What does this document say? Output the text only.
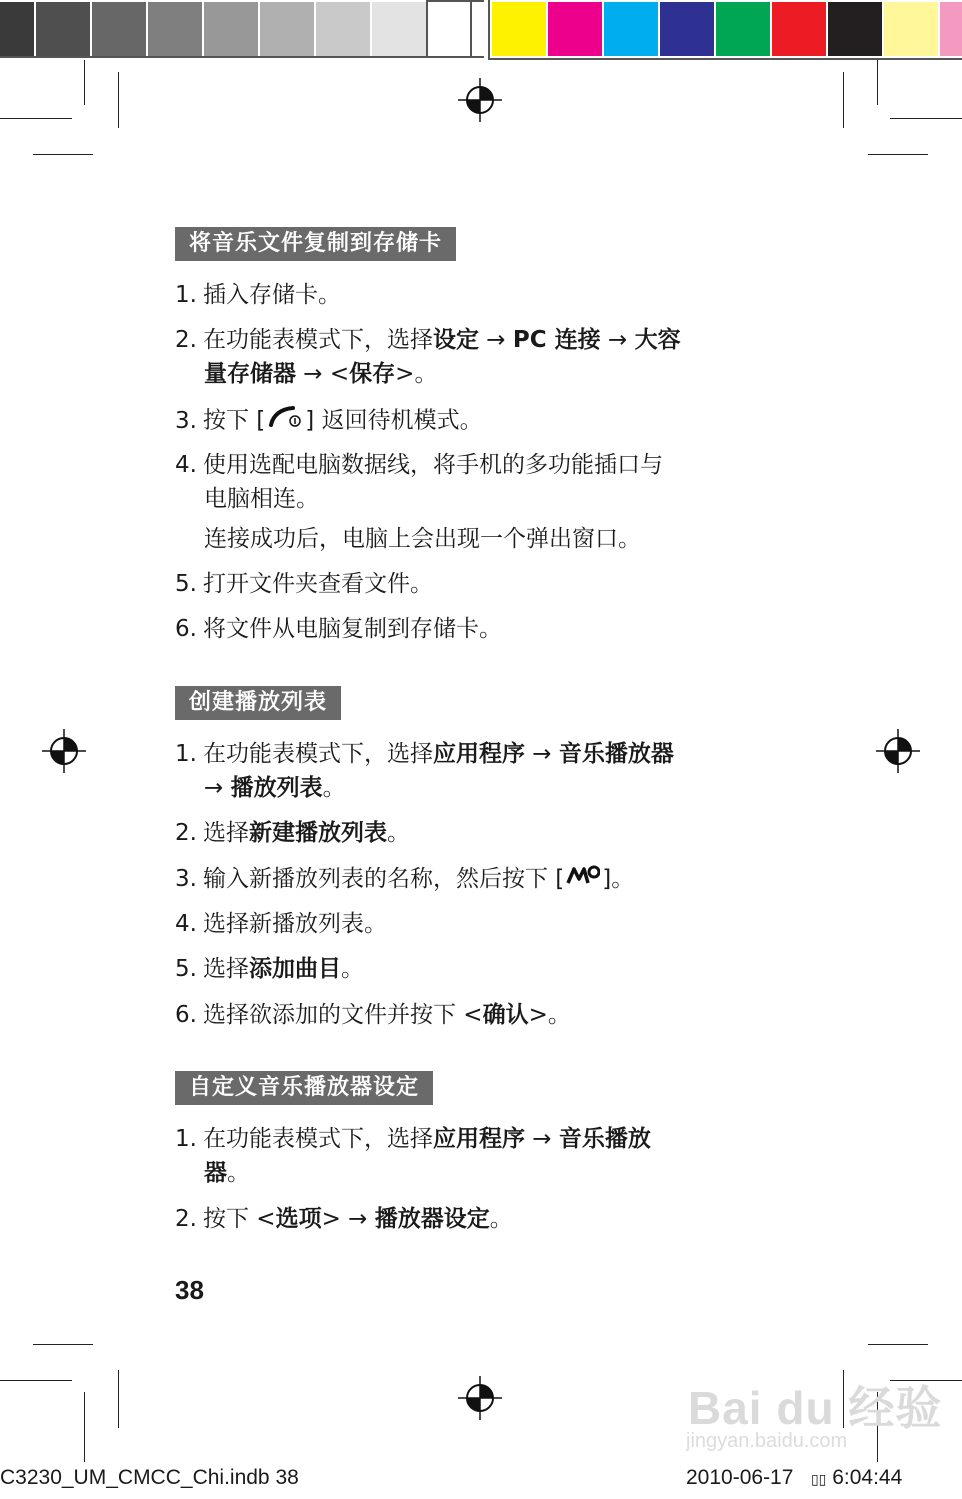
将音乐文件复制到存储卡
1. 插入存储卡。
2. 在功能表模式下，选择设定 → PC 连接 → 大容
量存储器 → <保存>。
3. 按下 [ ] 返回待机模式。
4. 使用选配电脑数据线，将手机的多功能插口与
电脑相连。
连接成功后，电脑上会出现一个弹出窗口。
5. 打开文件夹查看文件。
6. 将文件从电脑复制到存储卡。
创建播放列表
1. 在功能表模式下，选择应用程序 → 音乐播放器
→ 播放列表。
2. 选择新建播放列表。
3. 输入新播放列表的名称，然后按下 [ ]。
4. 选择新播放列表。
5. 选择添加曲目。
6. 选择欲添加的文件并按下 <确认>。
自定义音乐播放器设定
1. 在功能表模式下，选择应用程序 → 音乐播放
器。
2. 按下 <选项> → 播放器设定。
38
Bai du 经验
jingyan.baidu.com
C3230_UM_CMCC_Chi.indb 38	2010-06-17 ▯▯ 6:04:44
